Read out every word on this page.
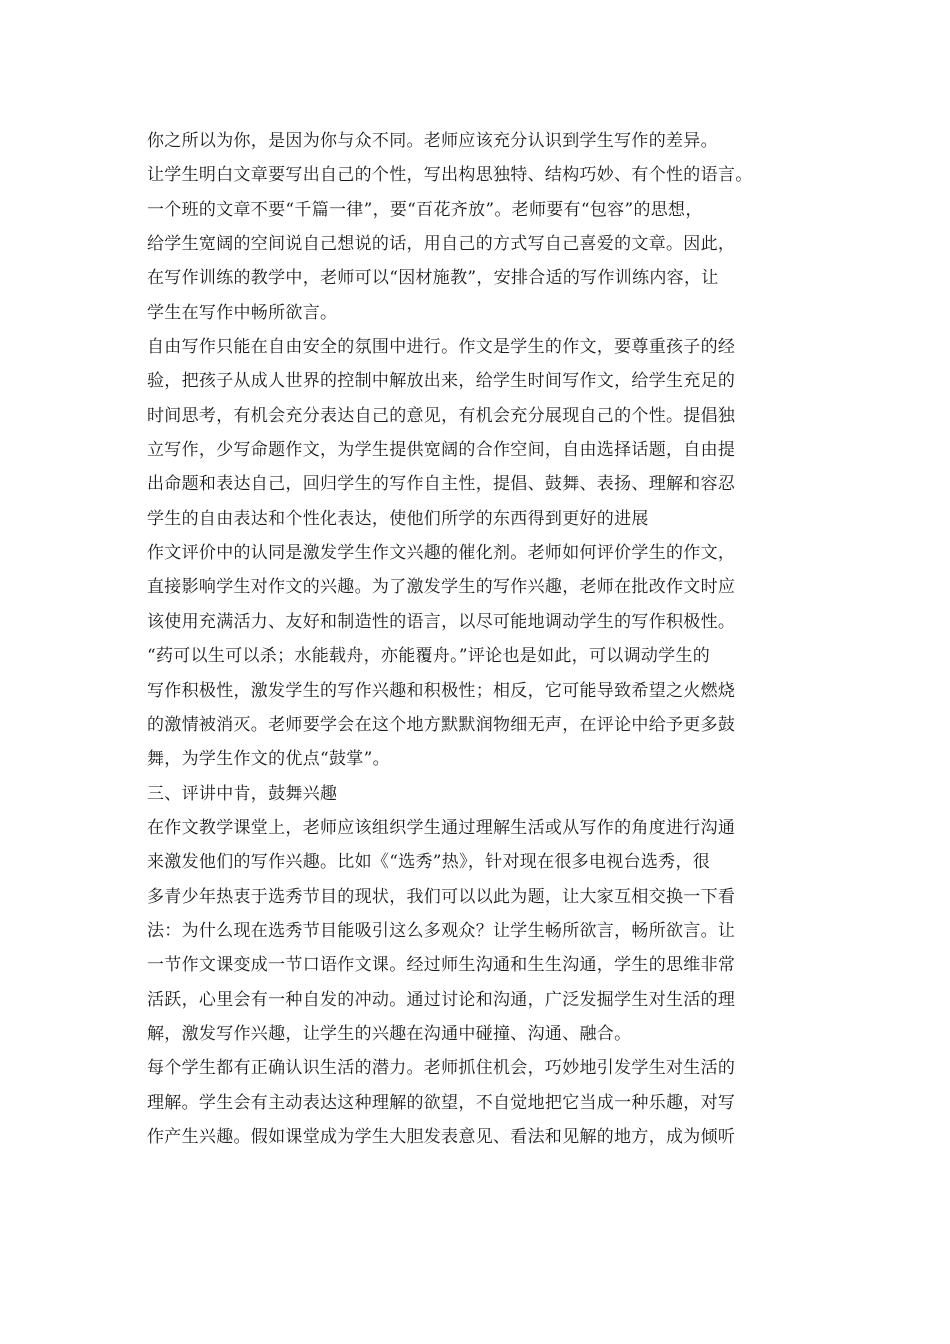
你之所以为你，是因为你与众不同。老师应该充分认识到学生写作的差异。
让学生明白文章要写出自己的个性，写出构思独特、结构巧妙、有个性的语言。
一个班的文章不要“千篇一律”，要“百花齐放”。老师要有“包容”的思想，
给学生宽阔的空间说自己想说的话，用自己的方式写自己喜爱的文章。因此，
在写作训练的教学中，老师可以“因材施教”，安排合适的写作训练内容，让
学生在写作中畅所欲言。
自由写作只能在自由安全的氛围中进行。作文是学生的作文，要尊重孩子的经
验，把孩子从成人世界的控制中解放出来，给学生时间写作文，给学生充足的
时间思考，有机会充分表达自己的意见，有机会充分展现自己的个性。提倡独
立写作，少写命题作文，为学生提供宽阔的合作空间，自由选择话题，自由提
出命题和表达自己，回归学生的写作自主性，提倡、鼓舞、表扬、理解和容忍
学生的自由表达和个性化表达，使他们所学的东西得到更好的进展
作文评价中的认同是激发学生作文兴趣的催化剂。老师如何评价学生的作文，
直接影响学生对作文的兴趣。为了激发学生的写作兴趣，老师在批改作文时应
该使用充满活力、友好和制造性的语言，以尽可能地调动学生的写作积极性。
“药可以生可以杀；水能载舟，亦能覆舟。”评论也是如此，可以调动学生的
写作积极性，激发学生的写作兴趣和积极性；相反，它可能导致希望之火燃烧
的激情被消灭。老师要学会在这个地方默默润物细无声，在评论中给予更多鼓
舞，为学生作文的优点“鼓掌”。
三、评讲中肯，鼓舞兴趣
在作文教学课堂上，老师应该组织学生通过理解生活或从写作的角度进行沟通
来激发他们的写作兴趣。比如《“选秀”热》，针对现在很多电视台选秀，很
多青少年热衷于选秀节目的现状，我们可以以此为题，让大家互相交换一下看
法：为什么现在选秀节目能吸引这么多观众？让学生畅所欲言，畅所欲言。让
一节作文课变成一节口语作文课。经过师生沟通和生生沟通，学生的思维非常
活跃，心里会有一种自发的冲动。通过讨论和沟通，广泛发掘学生对生活的理
解，激发写作兴趣，让学生的兴趣在沟通中碰撞、沟通、融合。
每个学生都有正确认识生活的潜力。老师抓住机会，巧妙地引发学生对生活的
理解。学生会有主动表达这种理解的欲望，不自觉地把它当成一种乐趣，对写
作产生兴趣。假如课堂成为学生大胆发表意见、看法和见解的地方，成为倾听
